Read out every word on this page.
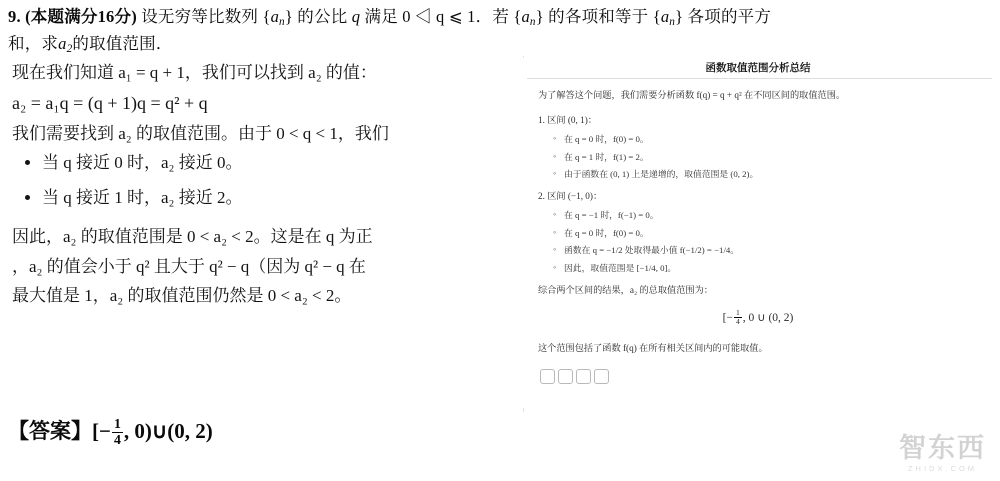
9. (本题满分16分) 设无穷等比数列 $\{a_n\}$ 的公比 q 满足 0 ◁ q ⩽ 1．若 $\{a_n\}$ 的各项和等于 $\{a_n\}$ 各项的平方
和，求$a_2$的取值范围．

现在我们知道 a₁ = q + 1，我们可以找到 a₂ 的值：

a₂ = a₁q = (q + 1)q = q² + q

我们需要找到 a₂ 的取值范围。由于 0 < q < 1，我们

• 当 q 接近 0 时，a₂ 接近 0。
• 当 q 接近 1 时，a₂ 接近 2。

因此，a₂ 的取值范围是 0 < a₂ < 2。这是在 q 为正

，a₂ 的值会小于 q² 且大于 q² − q（因为 q² − q 在

最大值是 1，a₂ 的取值范围仍然是 0 < a₂ < 2。

【答案】[− $\frac{1}{4}$ , 0)∪(0, 2)
函数取值范围分析总结

为了解答这个问题，我们需要分析函数 f(q) = q + q² 在不同区间的取值范围。

1. 区间 (0, 1)：
◦ 在 q = 0 时，f(0) = 0。
◦ 在 q = 1 时，f(1) = 2。
◦ 由于函数在 (0, 1) 上是递增的，取值范围是 (0, 2)。
2. 区间 (−1, 0)：
◦ 在 q = −1 时，f(−1) = 0。
◦ 在 q = 0 时，f(0) = 0。
◦ 函数在 q = −1/2 处取得最小值 f(−1/2) = −1/4。
◦ 因此，取值范围是 [−1/4, 0]。

综合两个区间的结果，a₂ 的总取值范围为：

[− $\frac{1}{4}$ , 0 ∪ (0, 2)

这个范围包括了函数 f(q) 在所有相关区间内的可能取值。

智东西
ZHIDX.COM
